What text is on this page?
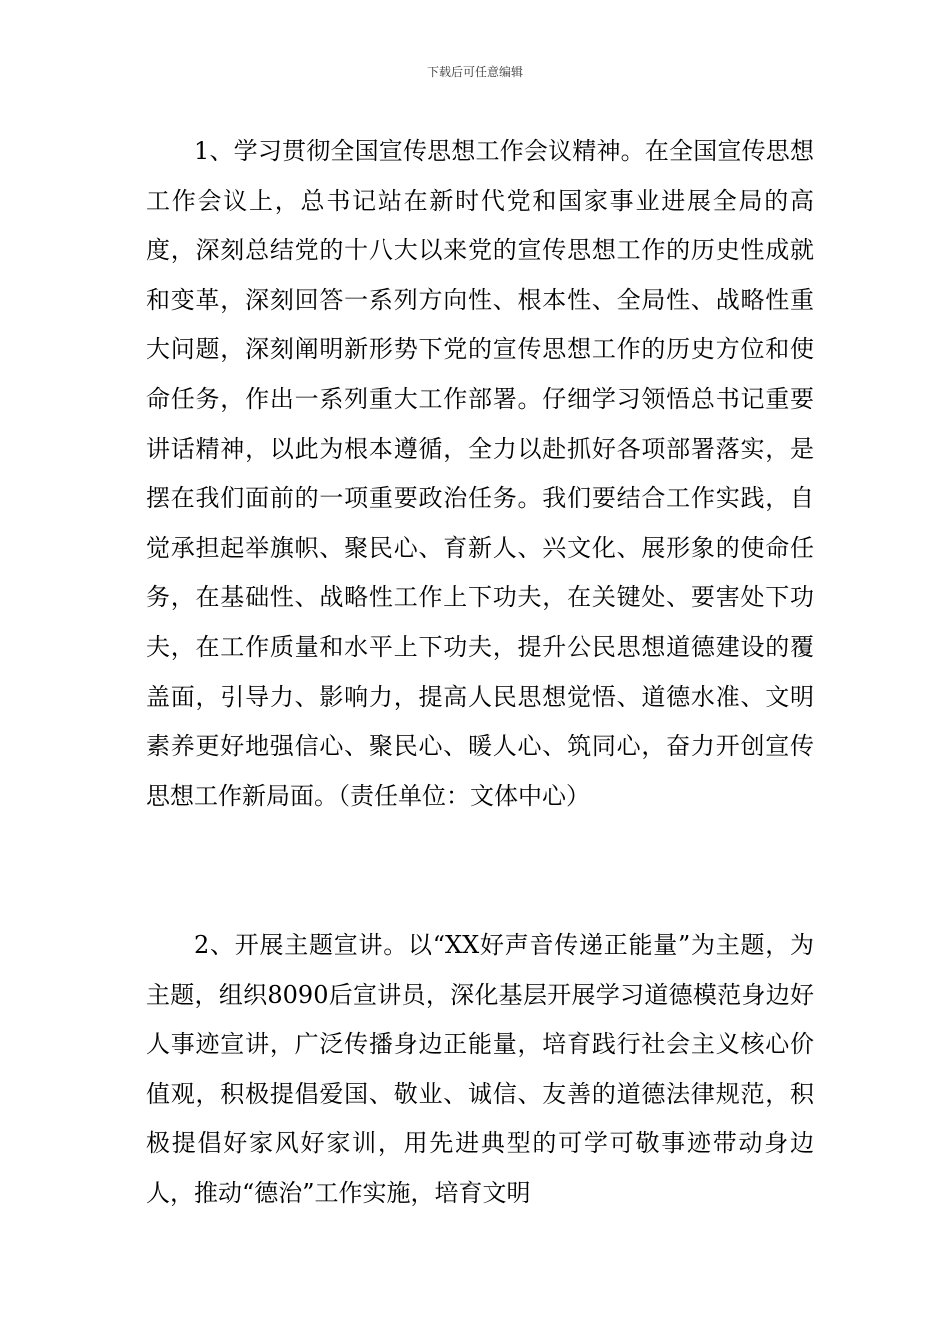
下载后可任意编辑

1、学习贯彻全国宣传思想工作会议精神。在全国宣传思想工作会议上，总书记站在新时代党和国家事业进展全局的高度，深刻总结党的十八大以来党的宣传思想工作的历史性成就和变革，深刻回答一系列方向性、根本性、全局性、战略性重大问题，深刻阐明新形势下党的宣传思想工作的历史方位和使命任务，作出一系列重大工作部署。仔细学习领悟总书记重要讲话精神，以此为根本遵循，全力以赴抓好各项部署落实，是摆在我们面前的一项重要政治任务。我们要结合工作实践，自觉承担起举旗帜、聚民心、育新人、兴文化、展形象的使命任务，在基础性、战略性工作上下功夫，在关键处、要害处下功夫，在工作质量和水平上下功夫，提升公民思想道德建设的覆盖面，引导力、影响力，提高人民思想觉悟、道德水准、文明素养更好地强信心、聚民心、暖人心、筑同心，奋力开创宣传思想工作新局面。（责任单位：文体中心）

2、开展主题宣讲。以“XX好声音传递正能量”为主题，为主题，组织8090后宣讲员，深化基层开展学习道德模范身边好人事迹宣讲，广泛传播身边正能量，培育践行社会主义核心价值观，积极提倡爱国、敬业、诚信、友善的道德法律规范，积极提倡好家风好家训，用先进典型的可学可敬事迹带动身边人，推动“德治”工作实施，培育文明
